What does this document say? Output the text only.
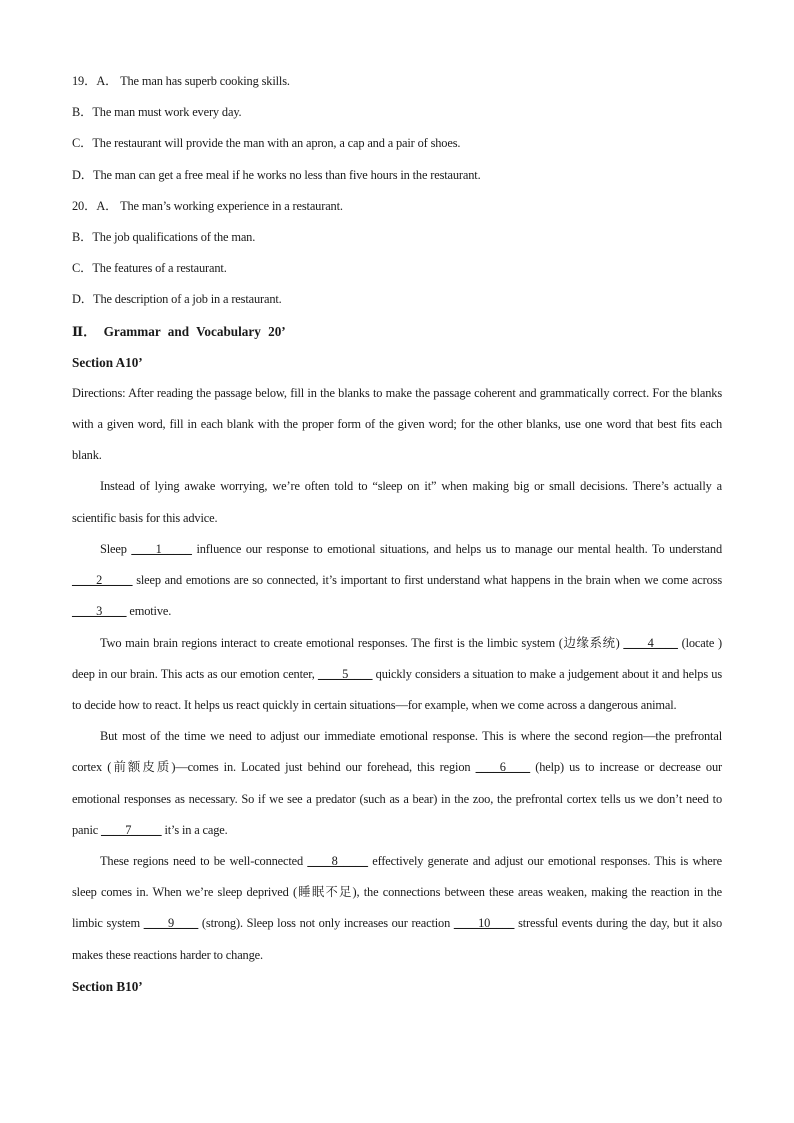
19．A． The man has superb cooking skills.
B．The man must work every day.
C．The restaurant will provide the man with an apron, a cap and a pair of shoes.
D．The man can get a free meal if he works no less than five hours in the restaurant.
20．A． The man’s working experience in a restaurant.
B．The job qualifications of the man.
C．The features of a restaurant.
D．The description of a job in a restaurant.
Ⅱ． Grammar and Vocabulary 20’
Section A10’
Directions: After reading the passage below, fill in the blanks to make the passage coherent and grammatically correct. For the blanks with a given word, fill in each blank with the proper form of the given word; for the other blanks, use one word that best fits each blank.
Instead of lying awake worrying, we’re often told to “sleep on it” when making big or small decisions. There’s actually a scientific basis for this advice.
Sleep ____1_____ influence our response to emotional situations, and helps us to manage our mental health. To understand ____2_____ sleep and emotions are so connected, it’s important to first understand what happens in the brain when we come across ____3____ emotive.
Two main brain regions interact to create emotional responses. The first is the limbic system (边缘系统) ____4____ (locate ) deep in our brain. This acts as our emotion center, ____5____ quickly considers a situation to make a judgement about it and helps us to decide how to react. It helps us react quickly in certain situations—for example, when we come across a dangerous animal.
But most of the time we need to adjust our immediate emotional response. This is where the second region—the prefrontal cortex (前额皮质)—comes in. Located just behind our forehead, this region ____6____ (help) us to increase or decrease our emotional responses as necessary. So if we see a predator (such as a bear) in the zoo, the prefrontal cortex tells us we don’t need to panic ____7_____ it’s in a cage.
These regions need to be well-connected ____8_____ effectively generate and adjust our emotional responses. This is where sleep comes in. When we’re sleep deprived (睡眠不足), the connections between these areas weaken, making the reaction in the limbic system ____9____ (strong). Sleep loss not only increases our reaction ____10____ stressful events during the day, but it also makes these reactions harder to change.
Section B10’
